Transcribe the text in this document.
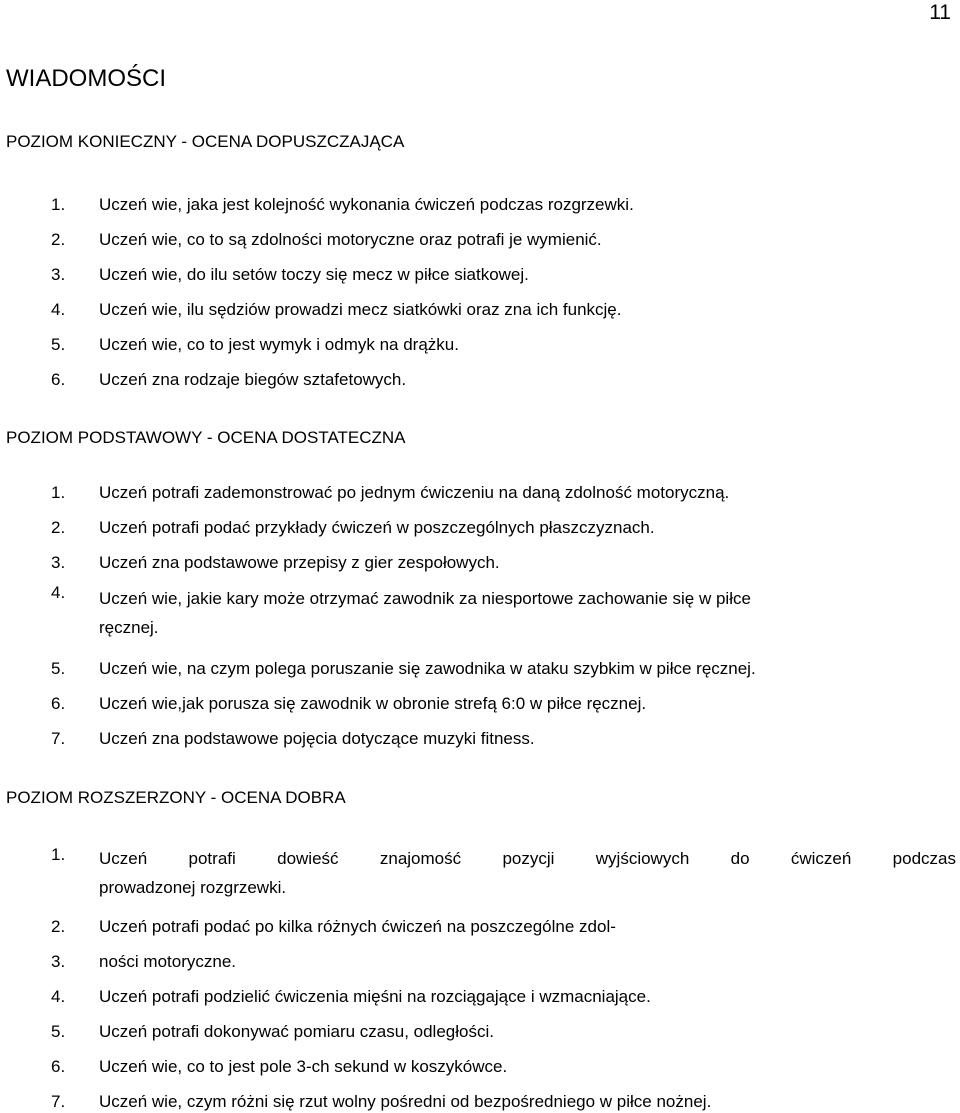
11
WIADOMOŚCI
POZIOM KONIECZNY - OCENA DOPUSZCZAJĄCA
1. Uczeń wie, jaka jest kolejność wykonania ćwiczeń podczas rozgrzewki.
2. Uczeń wie, co to są zdolności motoryczne oraz potrafi je wymienić.
3. Uczeń wie, do ilu setów toczy się mecz w piłce siatkowej.
4. Uczeń wie, ilu sędziów prowadzi mecz siatkówki oraz zna ich funkcję.
5. Uczeń wie, co to jest wymyk i odmyk na drążku.
6. Uczeń zna rodzaje biegów sztafetowych.
POZIOM PODSTAWOWY - OCENA DOSTATECZNA
1. Uczeń potrafi zademonstrować po jednym ćwiczeniu na daną zdolność motoryczną.
2. Uczeń potrafi podać przykłady ćwiczeń w poszczególnych płaszczyznach.
3. Uczeń zna podstawowe przepisy z gier zespołowych.
4. Uczeń wie, jakie kary może otrzymać zawodnik za niesportowe zachowanie się w piłce
ręcznej.
5. Uczeń wie, na czym polega poruszanie się zawodnika w ataku szybkim w piłce ręcznej.
6. Uczeń wie,jak porusza się zawodnik w obronie strefą 6:0 w piłce ręcznej.
7. Uczeń zna podstawowe pojęcia dotyczące muzyki fitness.
POZIOM ROZSZERZONY - OCENA DOBRA
1. Uczeń potrafi dowieść znajomość pozycji wyjściowych do ćwiczeń podczas
prowadzonej rozgrzewki.
2. Uczeń potrafi podać po kilka różnych ćwiczeń na poszczególne zdol-
3. ności motoryczne.
4. Uczeń potrafi podzielić ćwiczenia mięśni na rozciągające i wzmacniające.
5. Uczeń potrafi dokonywać pomiaru czasu, odległości.
6. Uczeń wie, co to jest pole 3-ch sekund w koszykówce.
7. Uczeń wie, czym różni się rzut wolny pośredni od bezpośredniego w piłce nożnej.
